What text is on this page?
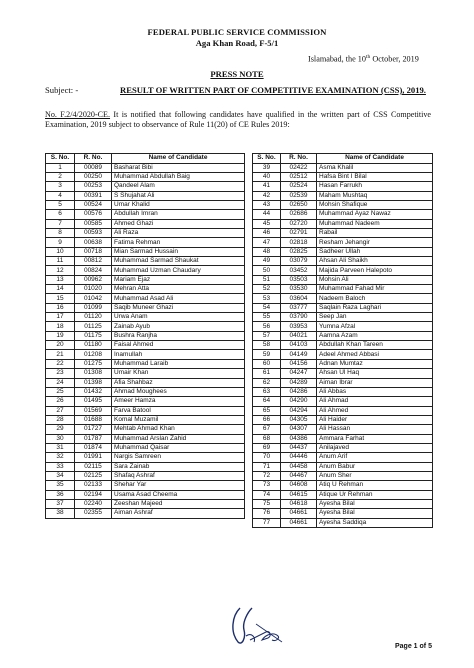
FEDERAL PUBLIC SERVICE COMMISSION
Aga Khan Road, F-5/1
Islamabad, the 10th October, 2019
PRESS NOTE
Subject: -	RESULT OF WRITTEN PART OF COMPETITIVE EXAMINATION (CSS), 2019.
No. F.2/4/2020-CE. It is notified that following candidates have qualified in the written part of CSS Competitive Examination, 2019 subject to observance of Rule 11(20) of CE Rules 2019:
S. No.	R. No.	Name of Candidate
1	00089	Basharat Bibi
2	00250	Muhammad Abdullah Baig
3	00253	Qandeel Alam
4	00391	S Shujahat Ali
5	00524	Umar Khalid
6	00576	Abdullah Imran
7	00585	Ahmed Ghazi
8	00593	Ali Raza
9	00638	Fatima Rehman
10	00718	Mian Sarmad Hussain
11	00812	Muhammad Sarmad Shaukat
12	00824	Muhammad Uzman Chaudary
13	00962	Mariam Ejaz
14	01020	Mehran Atta
15	01042	Muhammad Asad Ali
16	01099	Saqib Muneer Ghazi
17	01120	Urwa Anam
18	01125	Zainab Ayub
19	01175	Bushra Ranjha
20	01180	Faisal Ahmed
21	01208	Inamullah
22	01275	Muhammad Laraib
23	01308	Umair Khan
24	01398	Afia Shahbaz
25	01432	Ahmad Moughees
26	01495	Ameer Hamza
27	01569	Farva Batool
28	01688	Komal Muzamil
29	01727	Mehtab Ahmad Khan
30	01787	Muhammad Arslan Zahid
31	01874	Muhammad Qaisar
32	01991	Nargis Samreen
33	02115	Sara Zainab
34	02125	Shafaq Ashraf
35	02133	Shehar Yar
36	02194	Usama Asad Cheema
37	02240	Zeeshan Majeed
38	02355	Aiman Ashraf
S. No.	R. No.	Name of Candidate
39	02422	Asma Khalil
40	02512	Hafsa Bint I Bilal
41	02524	Hasan Farrukh
42	02539	Maham Mushtaq
43	02650	Mohsin Shafique
44	02686	Muhammad Ayaz Nawaz
45	02720	Muhammad Nadeem
46	02791	Rabail
47	02818	Resham Jehangir
48	02825	Sadheer Ullah
49	03079	Ahsan Ali Shaikh
50	03452	Majida Parveen Halepoto
51	03503	Mohsin Ali
52	03530	Muhammad Fahad Mir
53	03604	Nadeem Baloch
54	03777	Saqlain Raza Laghari
55	03790	Seep Jan
56	03953	Yumna Afzal
57	04021	Aamna Azam
58	04103	Abdullah Khan Tareen
59	04149	Adeel Ahmed Abbasi
60	04156	Adnan Mumtaz
61	04247	Ahsan Ul Haq
62	04289	Aiman Ibrar
63	04286	Ali Abbas
64	04290	Ali Ahmad
65	04294	Ali Ahmed
66	04305	Ali Haider
67	04307	Ali Hassan
68	04386	Ammara Farhat
69	04437	Anilajaved
70	04446	Anum Arif
71	04458	Anum Babur
72	04467	Anum Sher
73	04608	Atiq U Rehman
74	04615	Atique Ur Rehman
75	04618	Ayesha Bilal
76	04661	Ayesha Bilal
77	04661	Ayesha Saddiqa
Page 1 of 5
